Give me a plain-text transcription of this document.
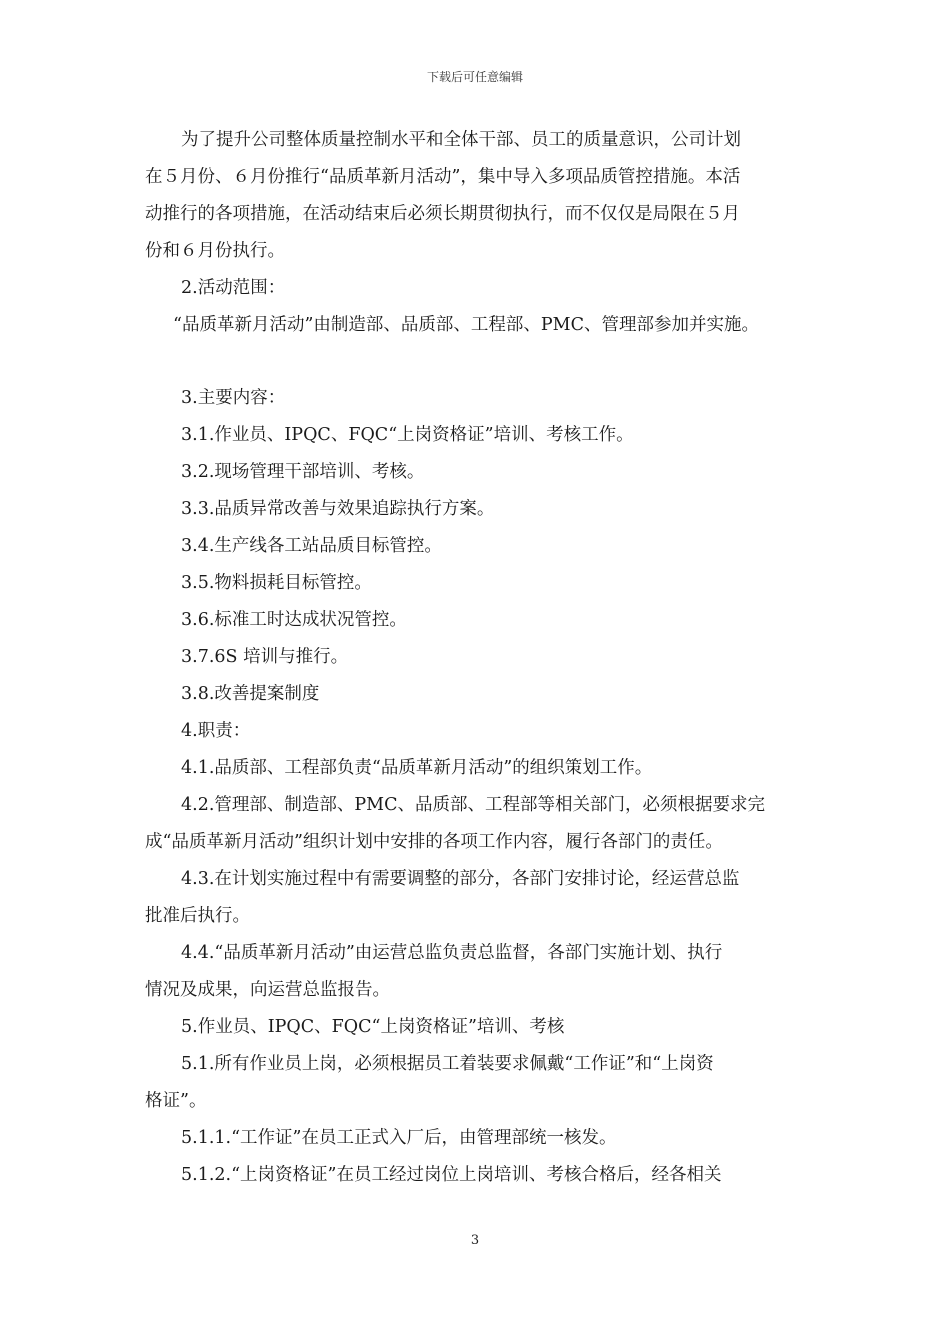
下载后可任意编辑

为了提升公司整体质量控制水平和全体干部、员工的质量意识，公司计划

在５月份、６月份推行“品质革新月活动”，集中导入多项品质管控措施。本活

动推行的各项措施，在活动结束后必须长期贯彻执行，而不仅仅是局限在５月

份和６月份执行。

2.活动范围：

“品质革新月活动”由制造部、品质部、工程部、PMC、管理部参加并实施。

3.主要内容：

3.1.作业员、IPQC、FQC“上岗资格证”培训、考核工作。

3.2.现场管理干部培训、考核。

3.3.品质异常改善与效果追踪执行方案。

3.4.生产线各工站品质目标管控。

3.5.物料损耗目标管控。

3.6.标准工时达成状况管控。

3.7.6S 培训与推行。

3.8.改善提案制度

4.职责：

4.1.品质部、工程部负责“品质革新月活动”的组织策划工作。

4.2.管理部、制造部、PMC、品质部、工程部等相关部门，必须根据要求完

成“品质革新月活动”组织计划中安排的各项工作内容，履行各部门的责任。

4.3.在计划实施过程中有需要调整的部分，各部门安排讨论，经运营总监

批准后执行。

4.4.“品质革新月活动”由运营总监负责总监督，各部门实施计划、执行

情况及成果，向运营总监报告。

5.作业员、IPQC、FQC“上岗资格证”培训、考核

5.1.所有作业员上岗，必须根据员工着装要求佩戴“工作证”和“上岗资

格证”。

5.1.1.“工作证”在员工正式入厂后，由管理部统一核发。

5.1.2.“上岗资格证”在员工经过岗位上岗培训、考核合格后，经各相关

3
